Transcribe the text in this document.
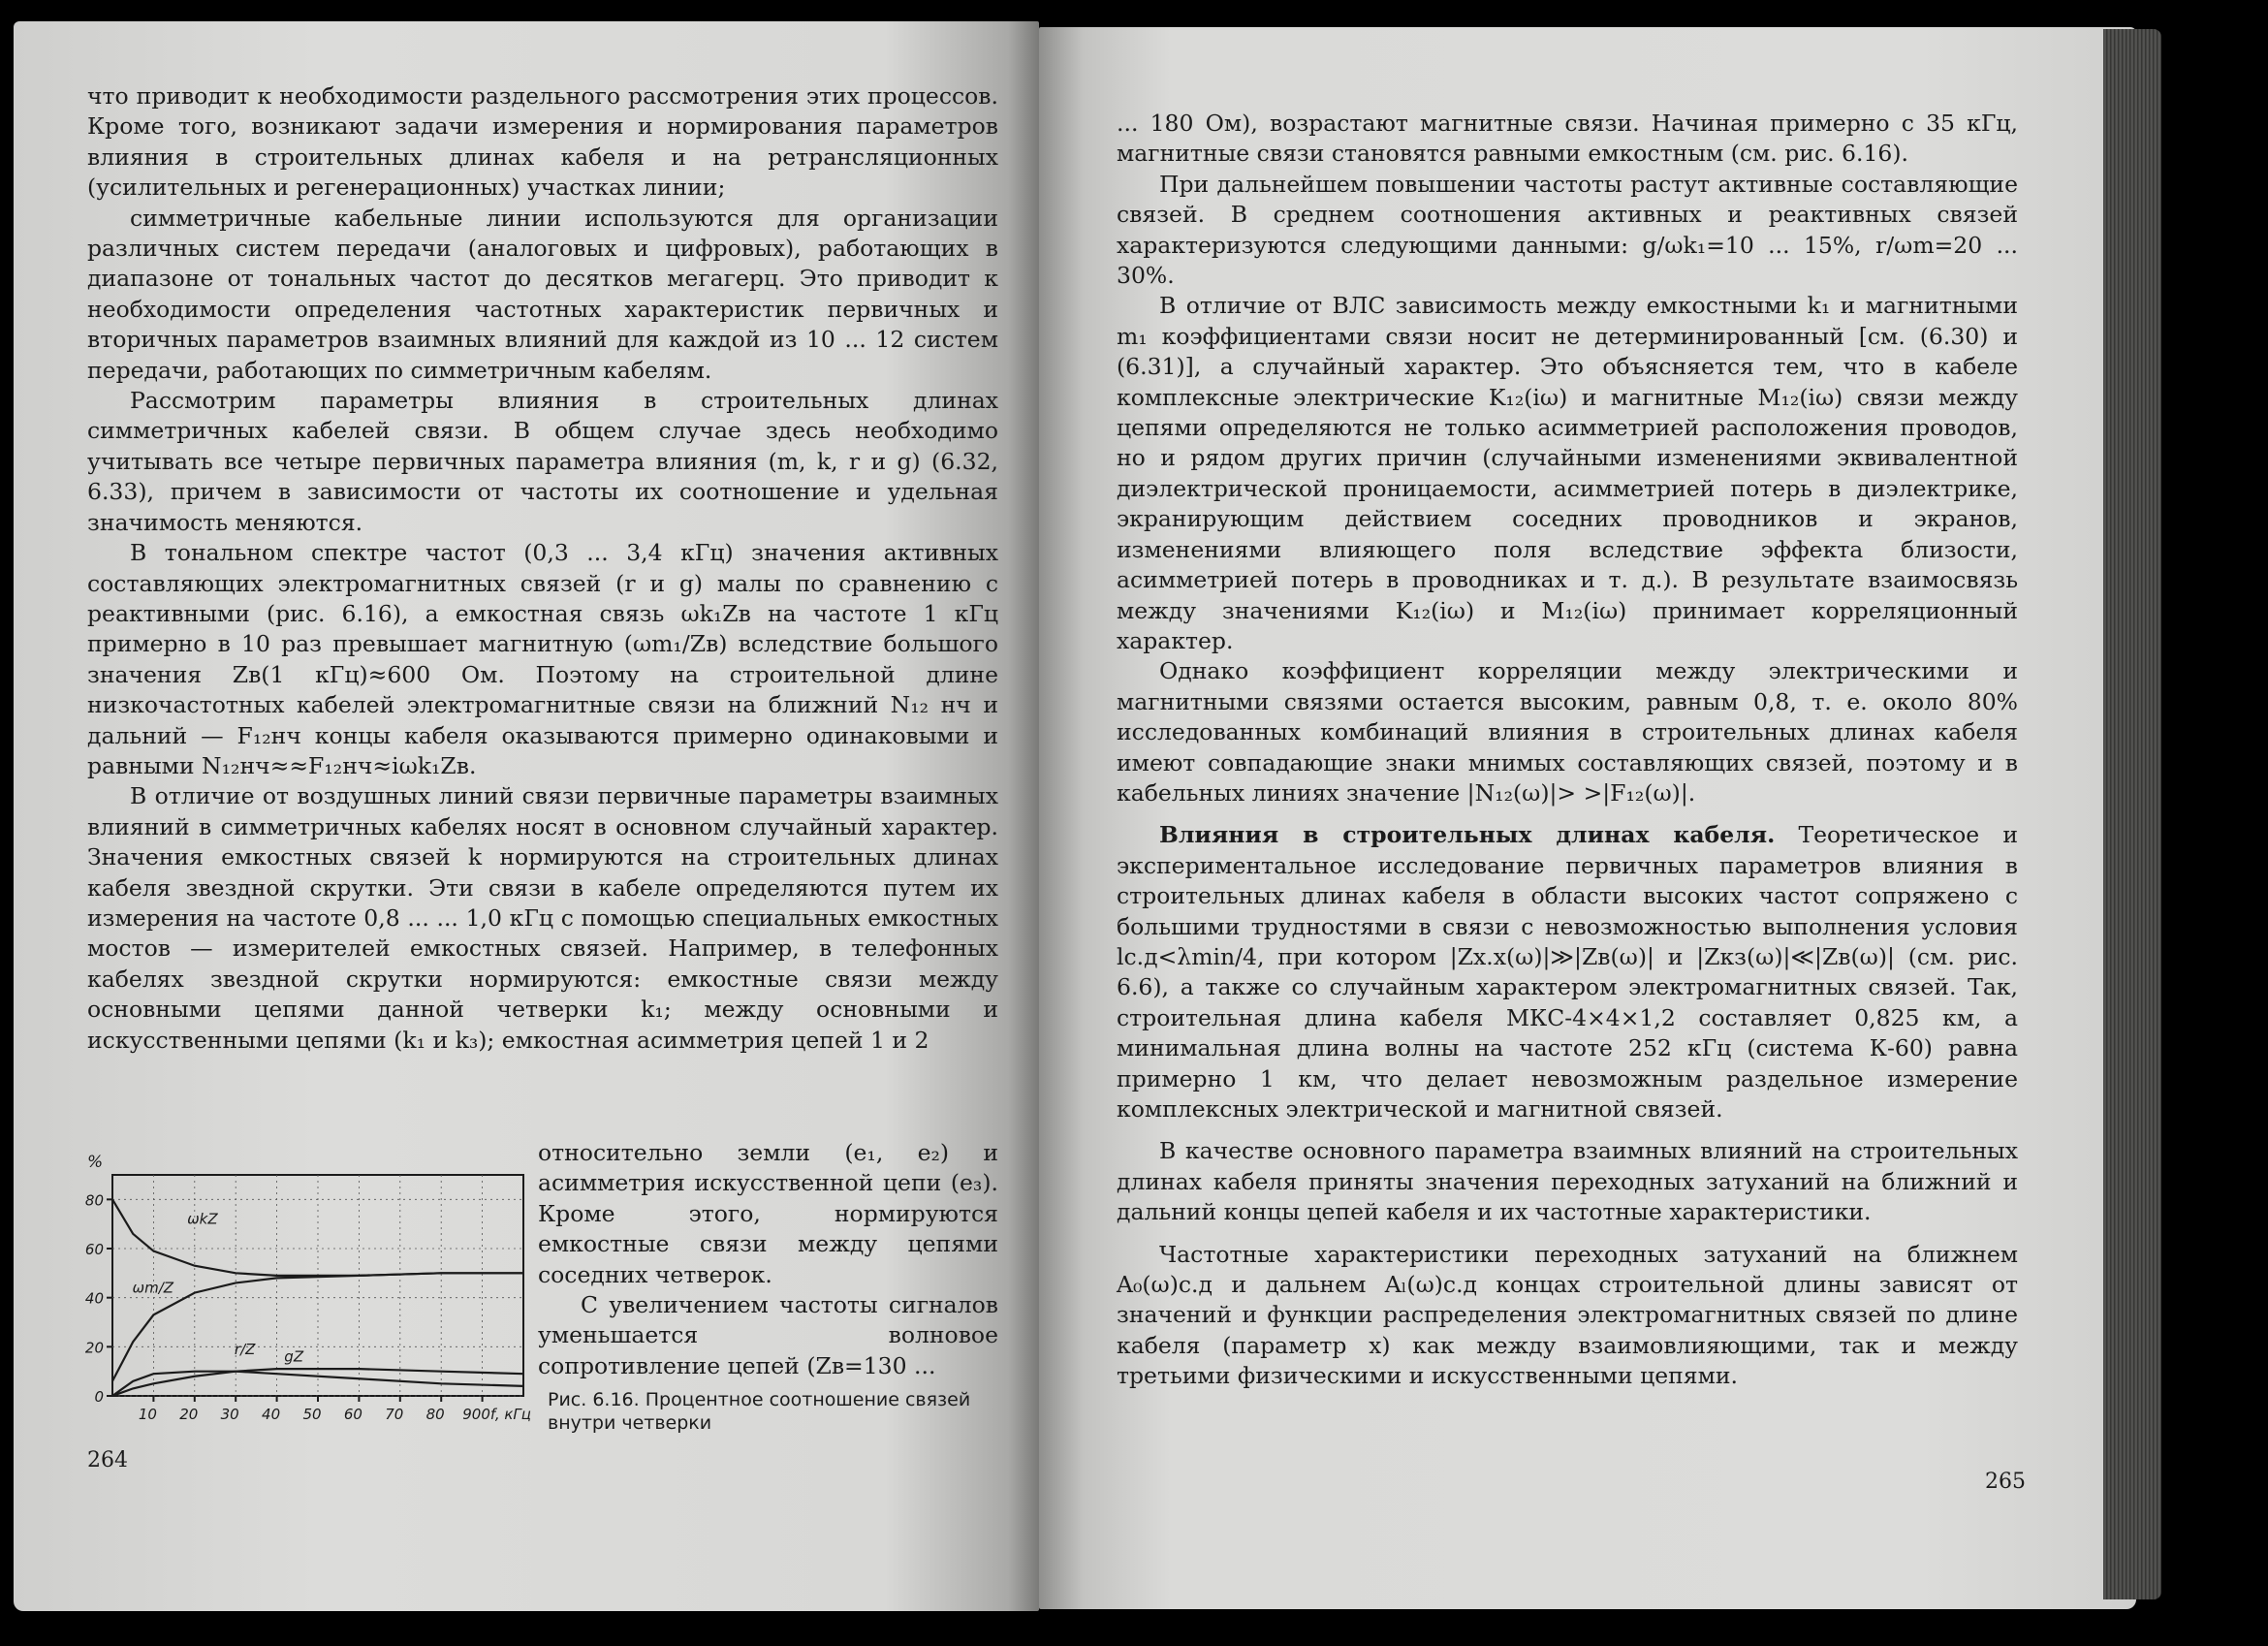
что приводит к необходимости раздельного рассмотрения этих процессов. Кроме того, возникают задачи измерения и нормирования параметров влияния в строительных длинах кабеля и на ретрансляционных (усилительных и регенерационных) участках линии;

симметричные кабельные линии используются для организации различных систем передачи (аналоговых и цифровых), работающих в диапазоне от тональных частот до десятков мегагерц. Это приводит к необходимости определения частотных характеристик первичных и вторичных параметров взаимных влияний для каждой из 10 ... 12 систем передачи, работающих по симметричным кабелям.

Рассмотрим параметры влияния в строительных длинах симметричных кабелей связи. В общем случае здесь необходимо учитывать все четыре первичных параметра влияния (m, k, r и g) (6.32, 6.33), причем в зависимости от частоты их соотношение и удельная значимость меняются.

В тональном спектре частот (0,3 ... 3,4 кГц) значения активных составляющих электромагнитных связей (r и g) малы по сравнению с реактивными (рис. 6.16), а емкостная связь ωk₁Zв на частоте 1 кГц примерно в 10 раз превышает магнитную (ωm₁/Zв) вследствие большого значения Zв(1 кГц)≈600 Ом. Поэтому на строительной длине низкочастотных кабелей электромагнитные связи на ближний N₁₂ нч и дальний — F₁₂нч концы кабеля оказываются примерно одинаковыми и равными N₁₂нч≈≈F₁₂нч≈iωk₁Zв.

В отличие от воздушных линий связи первичные параметры взаимных влияний в симметричных кабелях носят в основном случайный характер. Значения емкостных связей k нормируются на строительных длинах кабеля звездной скрутки. Эти связи в кабеле определяются путем их измерения на частоте 0,8 ... ... 1,0 кГц с помощью специальных емкостных мостов — измерителей емкостных связей. Например, в телефонных кабелях звездной скрутки нормируются: емкостные связи между основными цепями данной четверки k₁; между основными и искусственными цепями (k₁ и k₃); емкостная асимметрия цепей 1 и 2

относительно земли (e₁, e₂) и асимметрия искусственной цепи (e₃). Кроме этого, нормируются емкостные связи между цепями соседних четверок.

С увеличением частоты сигналов уменьшается волновое сопротивление цепей (Zв=130 ...

0
20
40
60
80
10 20 30 40 50 60 70 80 900
%
f, кГц
ωkZ
ωm/Z
r/Z gZ
Рис. 6.16. Процентное соотношение связей внутри четверки
264

... 180 Ом), возрастают магнитные связи. Начиная примерно с 35 кГц, магнитные связи становятся равными емкостным (см. рис. 6.16).

При дальнейшем повышении частоты растут активные составляющие связей. В среднем соотношения активных и реактивных связей характеризуются следующими данными: g/ωk₁=10 ... 15%, r/ωm=20 ... 30%.

В отличие от ВЛС зависимость между емкостными k₁ и магнитными m₁ коэффициентами связи носит не детерминированный [см. (6.30) и (6.31)], а случайный характер. Это объясняется тем, что в кабеле комплексные электрические K₁₂(iω) и магнитные M₁₂(iω) связи между цепями определяются не только асимметрией расположения проводов, но и рядом других причин (случайными изменениями эквивалентной диэлектрической проницаемости, асимметрией потерь в диэлектрике, экранирующим действием соседних проводников и экранов, изменениями влияющего поля вследствие эффекта близости, асимметрией потерь в проводниках и т. д.). В результате взаимосвязь между значениями K₁₂(iω) и M₁₂(iω) принимает корреляционный характер.

Однако коэффициент корреляции между электрическими и магнитными связями остается высоким, равным 0,8, т. е. около 80% исследованных комбинаций влияния в строительных длинах кабеля имеют совпадающие знаки мнимых составляющих связей, поэтому и в кабельных линиях значение |N₁₂(ω)|> >|F₁₂(ω)|.

Влияния в строительных длинах кабеля. Теоретическое и экспериментальное исследование первичных параметров влияния в строительных длинах кабеля в области высоких частот сопряжено с большими трудностями в связи с невозможностью выполнения условия lс.д<λmin/4, при котором |Zх.х(ω)|≫|Zв(ω)| и |Zкз(ω)|≪|Zв(ω)| (см. рис. 6.6), а также со случайным характером электромагнитных связей. Так, строительная длина кабеля МКС-4×4×1,2 составляет 0,825 км, а минимальная длина волны на частоте 252 кГц (система К-60) равна примерно 1 км, что делает невозможным раздельное измерение комплексных электрической и магнитной связей.

В качестве основного параметра взаимных влияний на строительных длинах кабеля приняты значения переходных затуханий на ближний и дальний концы цепей кабеля и их частотные характеристики.

Частотные характеристики переходных затуханий на ближнем A₀(ω)с.д и дальнем Aₗ(ω)с.д концах строительной длины зависят от значений и функции распределения электромагнитных связей по длине кабеля (параметр x) как между взаимовлияющими, так и между третьими физическими и искусственными цепями.

265
